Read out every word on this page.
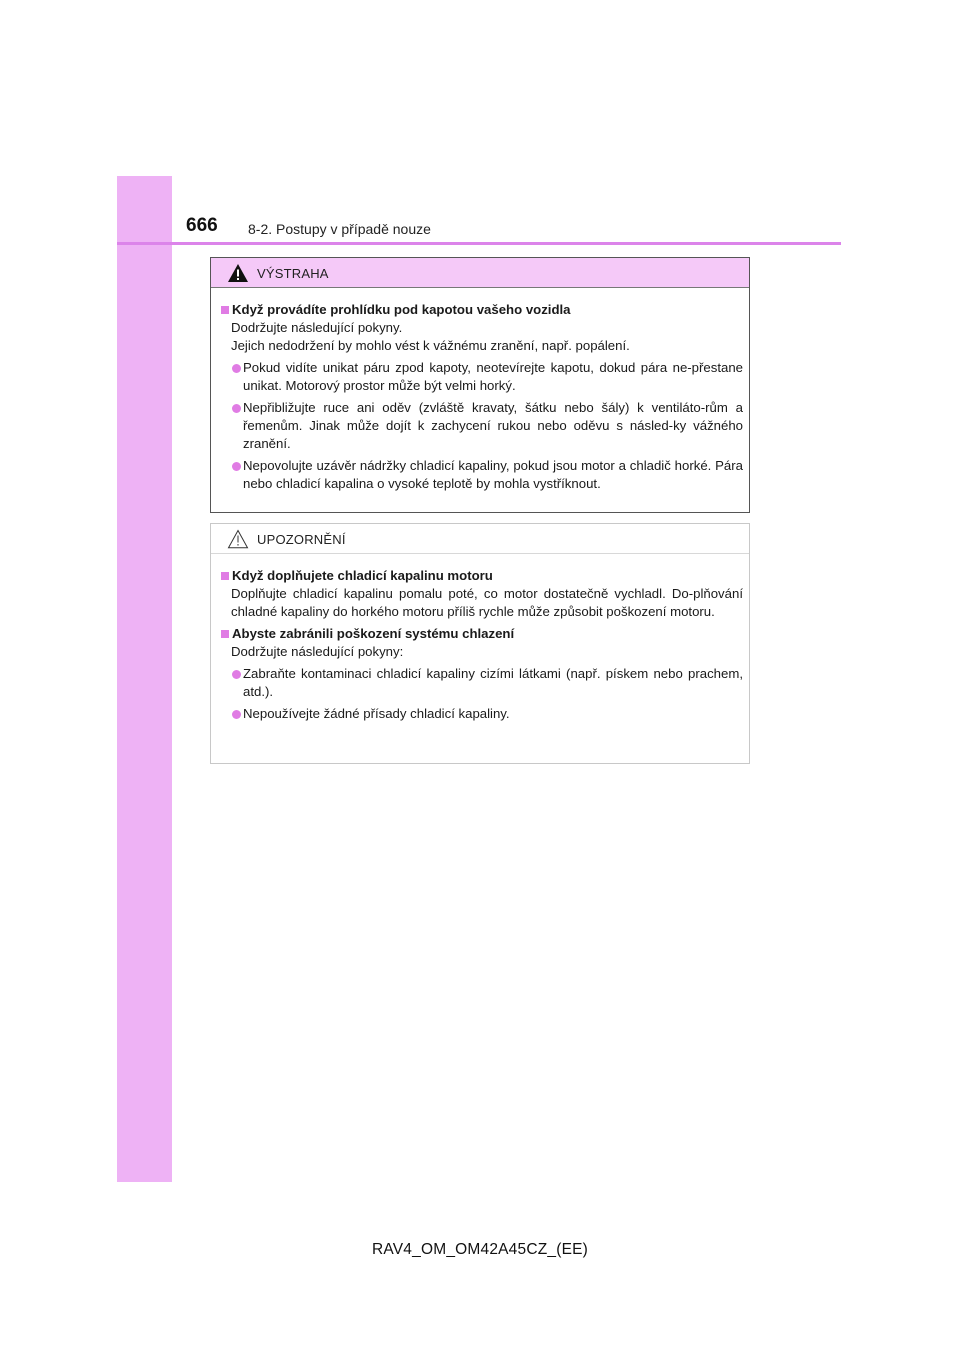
666 8-2. Postupy v případě nouze
VÝSTRAHA
Když provádíte prohlídku pod kapotou vašeho vozidla
Dodržujte následující pokyny.
Jejich nedodržení by mohlo vést k vážnému zranění, např. popálení.
Pokud vidíte unikat páru zpod kapoty, neotevírejte kapotu, dokud pára ne-přestane unikat. Motorový prostor může být velmi horký.
Nepřibližujte ruce ani oděv (zvláště kravaty, šátku nebo šály) k ventiláto-rům a řemenům. Jinak může dojít k zachycení rukou nebo oděvu s násled-ky vážného zranění.
Nepovolujte uzávěr nádržky chladicí kapaliny, pokud jsou motor a chladič horké. Pára nebo chladicí kapalina o vysoké teplotě by mohla vystříknout.
UPOZORNĚNÍ
Když doplňujete chladicí kapalinu motoru
Doplňujte chladicí kapalinu pomalu poté, co motor dostatečně vychladl. Do-plňování chladné kapaliny do horkého motoru příliš rychle může způsobit poškození motoru.
Abyste zabránili poškození systému chlazení
Dodržujte následující pokyny:
Zabraňte kontaminaci chladicí kapaliny cizími látkami (např. pískem nebo prachem, atd.).
Nepoužívejte žádné přísady chladicí kapaliny.
RAV4_OM_OM42A45CZ_(EE)
